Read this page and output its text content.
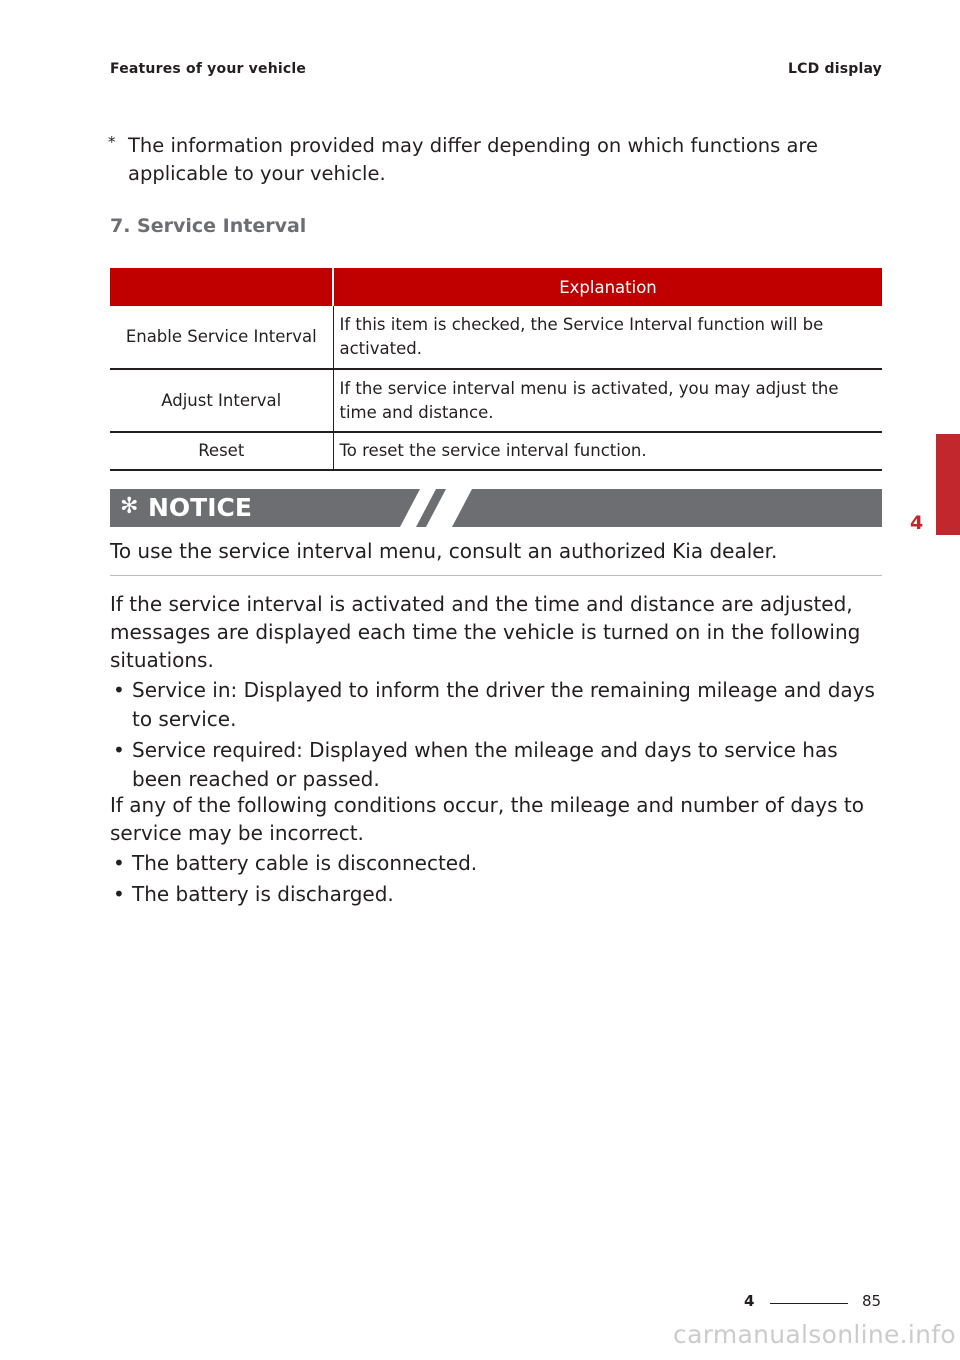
Features of your vehicle	LCD display
* The information provided may differ depending on which functions are applicable to your vehicle.
7. Service Interval
	Explanation
Enable Service Interval	If this item is checked, the Service Interval function will be activated.
Adjust Interval	If the service interval menu is activated, you may adjust the time and distance.
Reset	To reset the service interval function.
✻ NOTICE
To use the service interval menu, consult an authorized Kia dealer.
If the service interval is activated and the time and distance are adjusted, messages are displayed each time the vehicle is turned on in the following situations.
• Service in: Displayed to inform the driver the remaining mileage and days to service.
• Service required: Displayed when the mileage and days to service has been reached or passed.
If any of the following conditions occur, the mileage and number of days to service may be incorrect.
• The battery cable is disconnected.
• The battery is discharged.
4
4	85
carmanualsonline.info
